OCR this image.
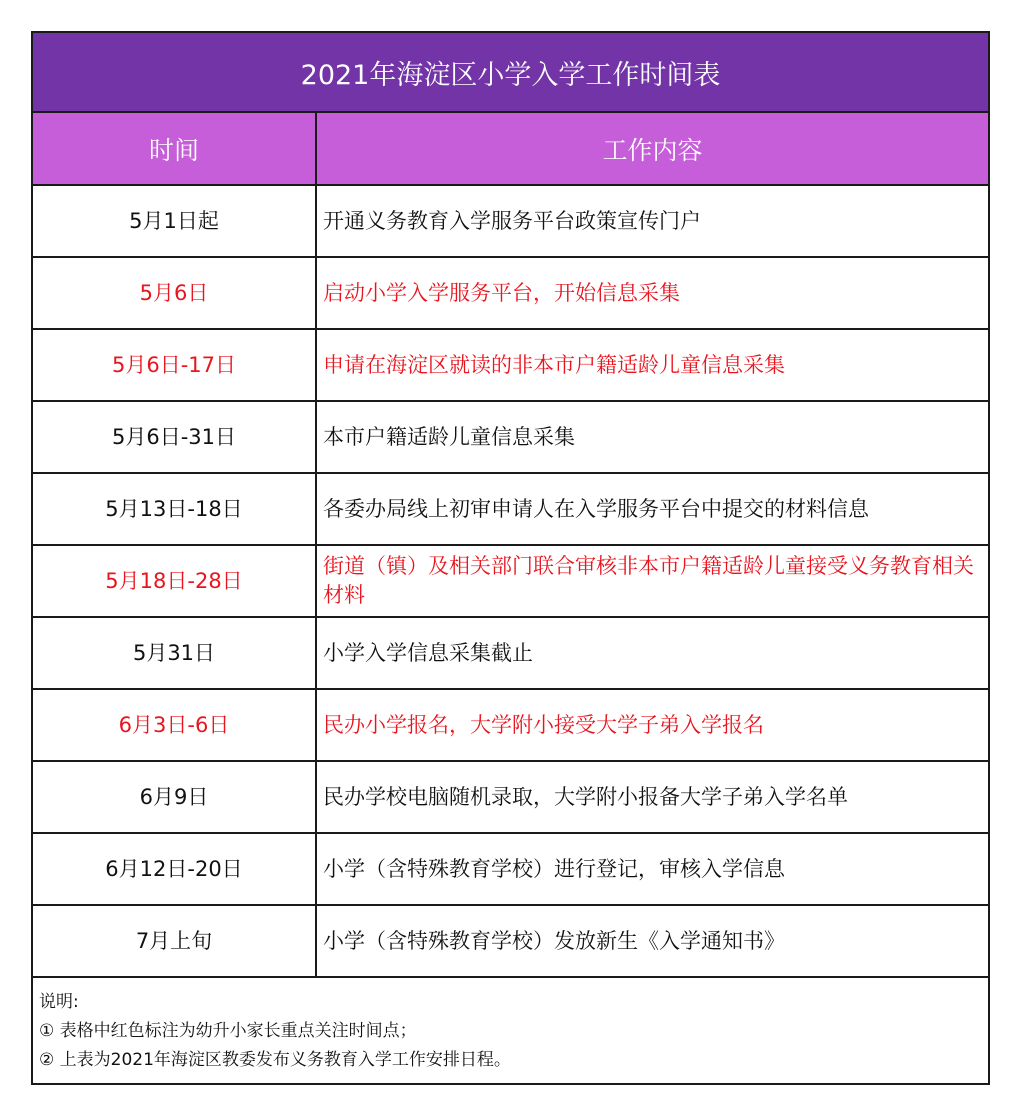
2021年海淀区小学入学工作时间表
时间	工作内容
5月1日起	开通义务教育入学服务平台政策宣传门户
5月6日	启动小学入学服务平台，开始信息采集
5月6日-17日	申请在海淀区就读的非本市户籍适龄儿童信息采集
5月6日-31日	本市户籍适龄儿童信息采集
5月13日-18日	各委办局线上初审申请人在入学服务平台中提交的材料信息
5月18日-28日	街道（镇）及相关部门联合审核非本市户籍适龄儿童接受义务教育相关材料
5月31日	小学入学信息采集截止
6月3日-6日	民办小学报名，大学附小接受大学子弟入学报名
6月9日	民办学校电脑随机录取，大学附小报备大学子弟入学名单
6月12日-20日	小学（含特殊教育学校）进行登记，审核入学信息
7月上旬	小学（含特殊教育学校）发放新生《入学通知书》
说明:
① 表格中红色标注为幼升小家长重点关注时间点；
② 上表为2021年海淀区教委发布义务教育入学工作安排日程。
